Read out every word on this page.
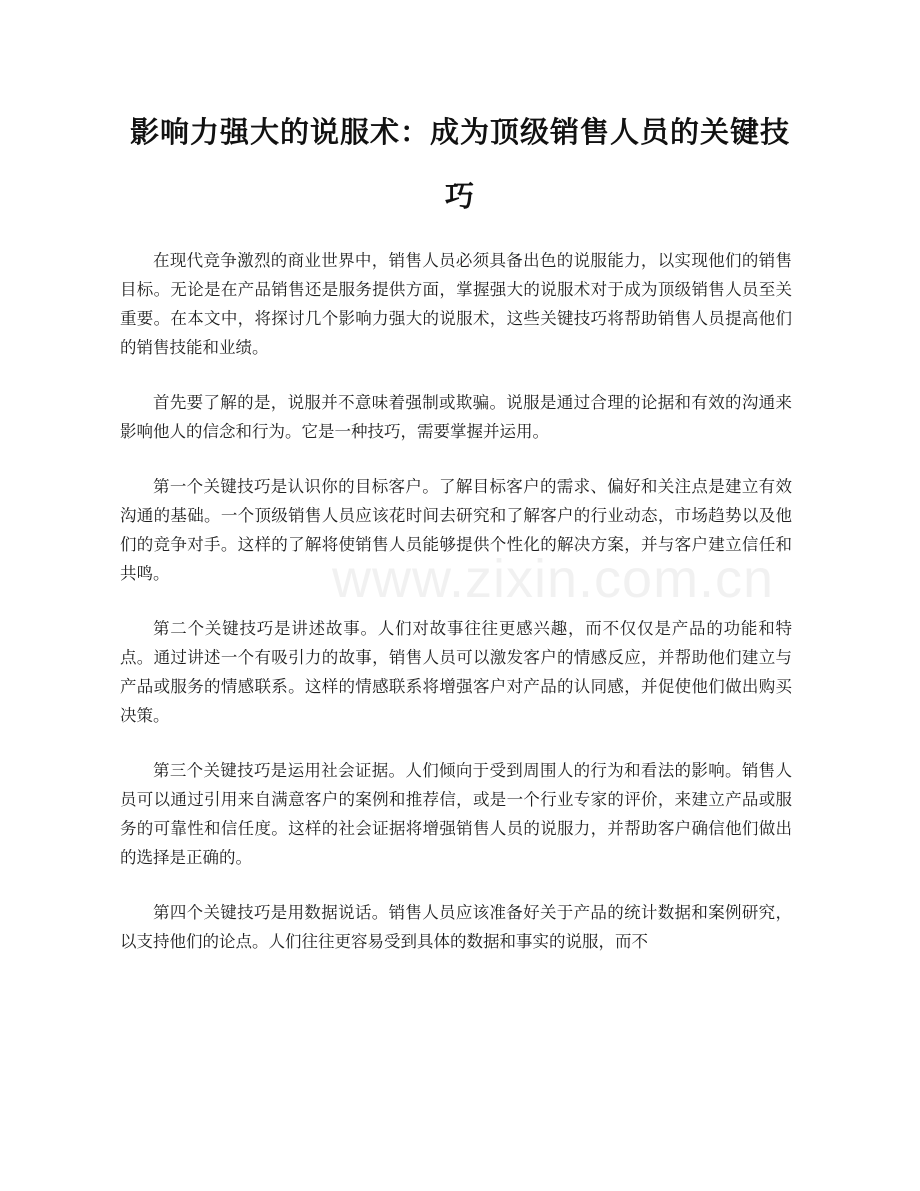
影响力强大的说服术：成为顶级销售人员的关键技巧

在现代竞争激烈的商业世界中，销售人员必须具备出色的说服能力，以实现他们的销售目标。无论是在产品销售还是服务提供方面，掌握强大的说服术对于成为顶级销售人员至关重要。在本文中，将探讨几个影响力强大的说服术，这些关键技巧将帮助销售人员提高他们的销售技能和业绩。

首先要了解的是，说服并不意味着强制或欺骗。说服是通过合理的论据和有效的沟通来影响他人的信念和行为。它是一种技巧，需要掌握并运用。

第一个关键技巧是认识你的目标客户。了解目标客户的需求、偏好和关注点是建立有效沟通的基础。一个顶级销售人员应该花时间去研究和了解客户的行业动态，市场趋势以及他们的竞争对手。这样的了解将使销售人员能够提供个性化的解决方案，并与客户建立信任和共鸣。

第二个关键技巧是讲述故事。人们对故事往往更感兴趣，而不仅仅是产品的功能和特点。通过讲述一个有吸引力的故事，销售人员可以激发客户的情感反应，并帮助他们建立与产品或服务的情感联系。这样的情感联系将增强客户对产品的认同感，并促使他们做出购买决策。

第三个关键技巧是运用社会证据。人们倾向于受到周围人的行为和看法的影响。销售人员可以通过引用来自满意客户的案例和推荐信，或是一个行业专家的评价，来建立产品或服务的可靠性和信任度。这样的社会证据将增强销售人员的说服力，并帮助客户确信他们做出的选择是正确的。

第四个关键技巧是用数据说话。销售人员应该准备好关于产品的统计数据和案例研究，以支持他们的论点。人们往往更容易受到具体的数据和事实的说服，而不

www.zixin.com.cn
